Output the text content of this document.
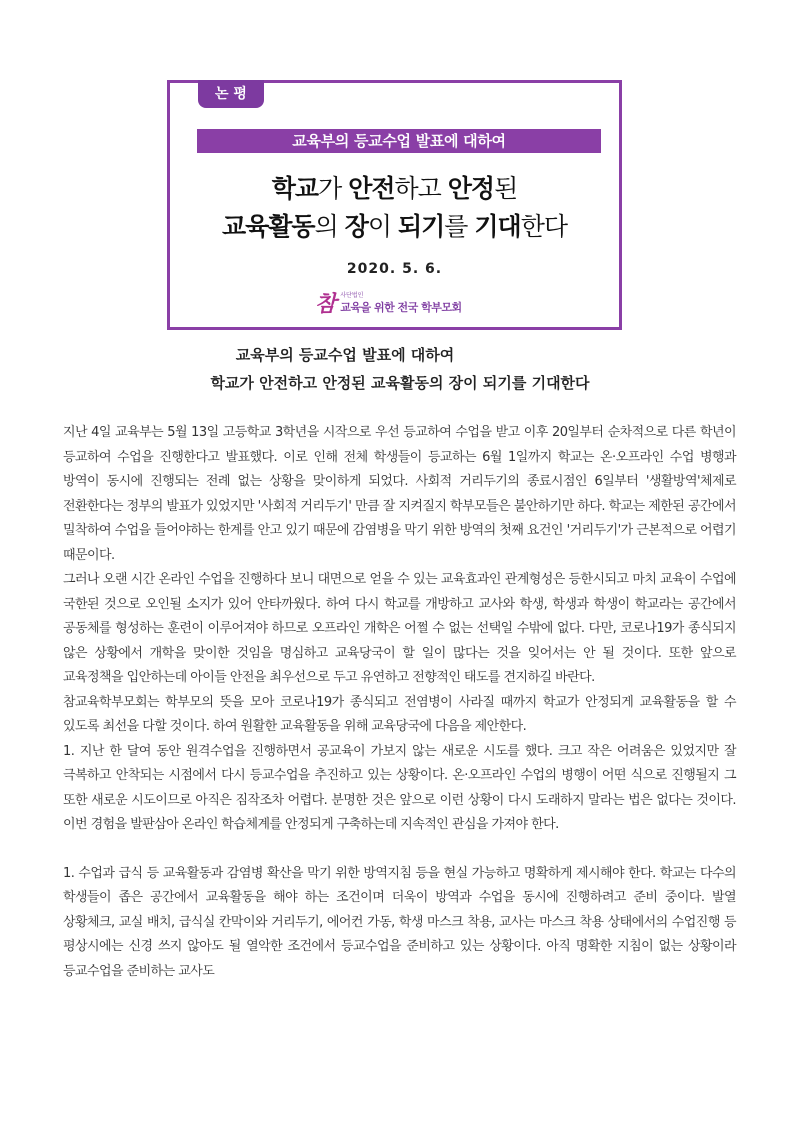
논 평
교육부의 등교수업 발표에 대하여
학교가 안전하고 안정된
교육활동의 장이 되기를 기대한다
2020. 5. 6.
참 사단법인
교육을 위한 전국 학부모회
교육부의 등교수업 발표에 대하여
학교가 안전하고 안정된 교육활동의 장이 되기를 기대한다

지난 4일 교육부는 5월 13일 고등학교 3학년을 시작으로 우선 등교하여 수업을 받고 이후 20일부터 순차적으로 다른 학년이 등교하여 수업을 진행한다고 발표했다. 이로 인해 전체 학생들이 등교하는 6월 1일까지 학교는 온·오프라인 수업 병행과 방역이 동시에 진행되는 전례 없는 상황을 맞이하게 되었다. 사회적 거리두기의 종료시점인 6일부터 '생활방역'체제로 전환한다는 정부의 발표가 있었지만 '사회적 거리두기' 만큼 잘 지켜질지 학부모들은 불안하기만 하다. 학교는 제한된 공간에서 밀착하여 수업을 들어야하는 한계를 안고 있기 때문에 감염병을 막기 위한 방역의 첫째 요건인 '거리두기'가 근본적으로 어렵기 때문이다.

그러나 오랜 시간 온라인 수업을 진행하다 보니 대면으로 얻을 수 있는 교육효과인 관계형성은 등한시되고 마치 교육이 수업에 국한된 것으로 오인될 소지가 있어 안타까웠다. 하여 다시 학교를 개방하고 교사와 학생, 학생과 학생이 학교라는 공간에서 공동체를 형성하는 훈련이 이루어져야 하므로 오프라인 개학은 어쩔 수 없는 선택일 수밖에 없다. 다만, 코로나19가 종식되지 않은 상황에서 개학을 맞이한 것임을 명심하고 교육당국이 할 일이 많다는 것을 잊어서는 안 될 것이다. 또한 앞으로 교육정책을 입안하는데 아이들 안전을 최우선으로 두고 유연하고 전향적인 태도를 견지하길 바란다.

참교육학부모회는 학부모의 뜻을 모아 코로나19가 종식되고 전염병이 사라질 때까지 학교가 안정되게 교육활동을 할 수 있도록 최선을 다할 것이다. 하여 원활한 교육활동을 위해 교육당국에 다음을 제안한다.

1. 지난 한 달여 동안 원격수업을 진행하면서 공교육이 가보지 않는 새로운 시도를 했다. 크고 작은 어려움은 있었지만 잘 극복하고 안착되는 시점에서 다시 등교수업을 추진하고 있는 상황이다. 온·오프라인 수업의 병행이 어떤 식으로 진행될지 그 또한 새로운 시도이므로 아직은 짐작조차 어렵다. 분명한 것은 앞으로 이런 상황이 다시 도래하지 말라는 법은 없다는 것이다. 이번 경험을 발판삼아 온라인 학습체계를 안정되게 구축하는데 지속적인 관심을 가져야 한다.

1. 수업과 급식 등 교육활동과 감염병 확산을 막기 위한 방역지침 등을 현실 가능하고 명확하게 제시해야 한다. 학교는 다수의 학생들이 좁은 공간에서 교육활동을 해야 하는 조건이며 더욱이 방역과 수업을 동시에 진행하려고 준비 중이다. 발열 상황체크, 교실 배치, 급식실 칸막이와 거리두기, 에어컨 가동, 학생 마스크 착용, 교사는 마스크 착용 상태에서의 수업진행 등 평상시에는 신경 쓰지 않아도 될 열악한 조건에서 등교수업을 준비하고 있는 상황이다. 아직 명확한 지침이 없는 상황이라 등교수업을 준비하는 교사도
